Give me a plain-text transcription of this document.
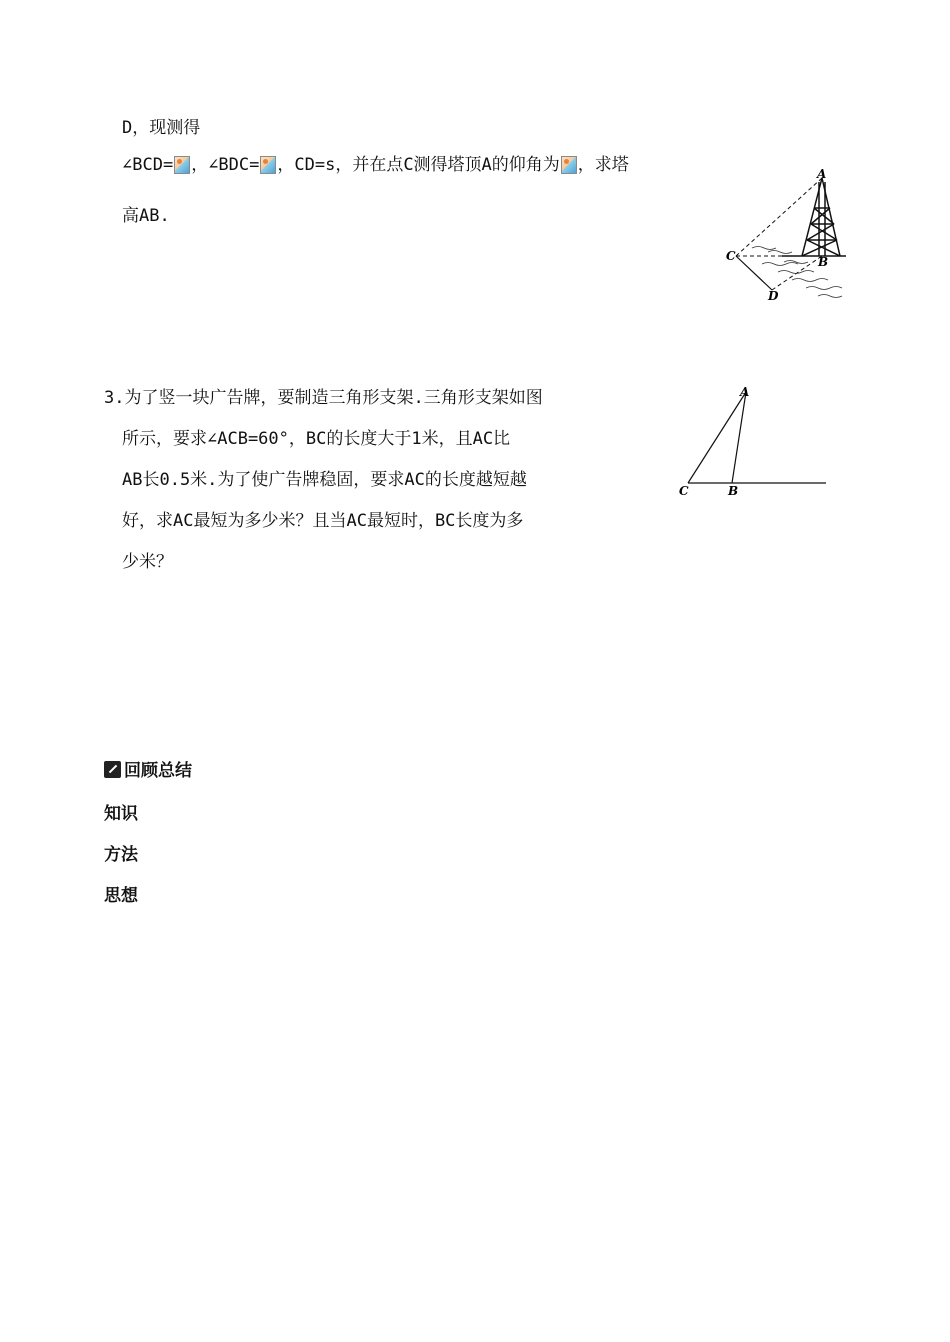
D，现测得
∠BCD= ，∠BDC= ，CD=s，并在点C测得塔顶A的仰角为 ，求塔
高AB.
A
B
C
D
3.为了竖一块广告牌，要制造三角形支架.三角形支架如图
所示，要求∠ACB=60°，BC的长度大于1米，且AC比
AB长0.5米.为了使广告牌稳固，要求AC的长度越短越
好，求AC最短为多少米？且当AC最短时，BC长度为多
少米？
A
B
C
回顾总结
知识
方法
思想
